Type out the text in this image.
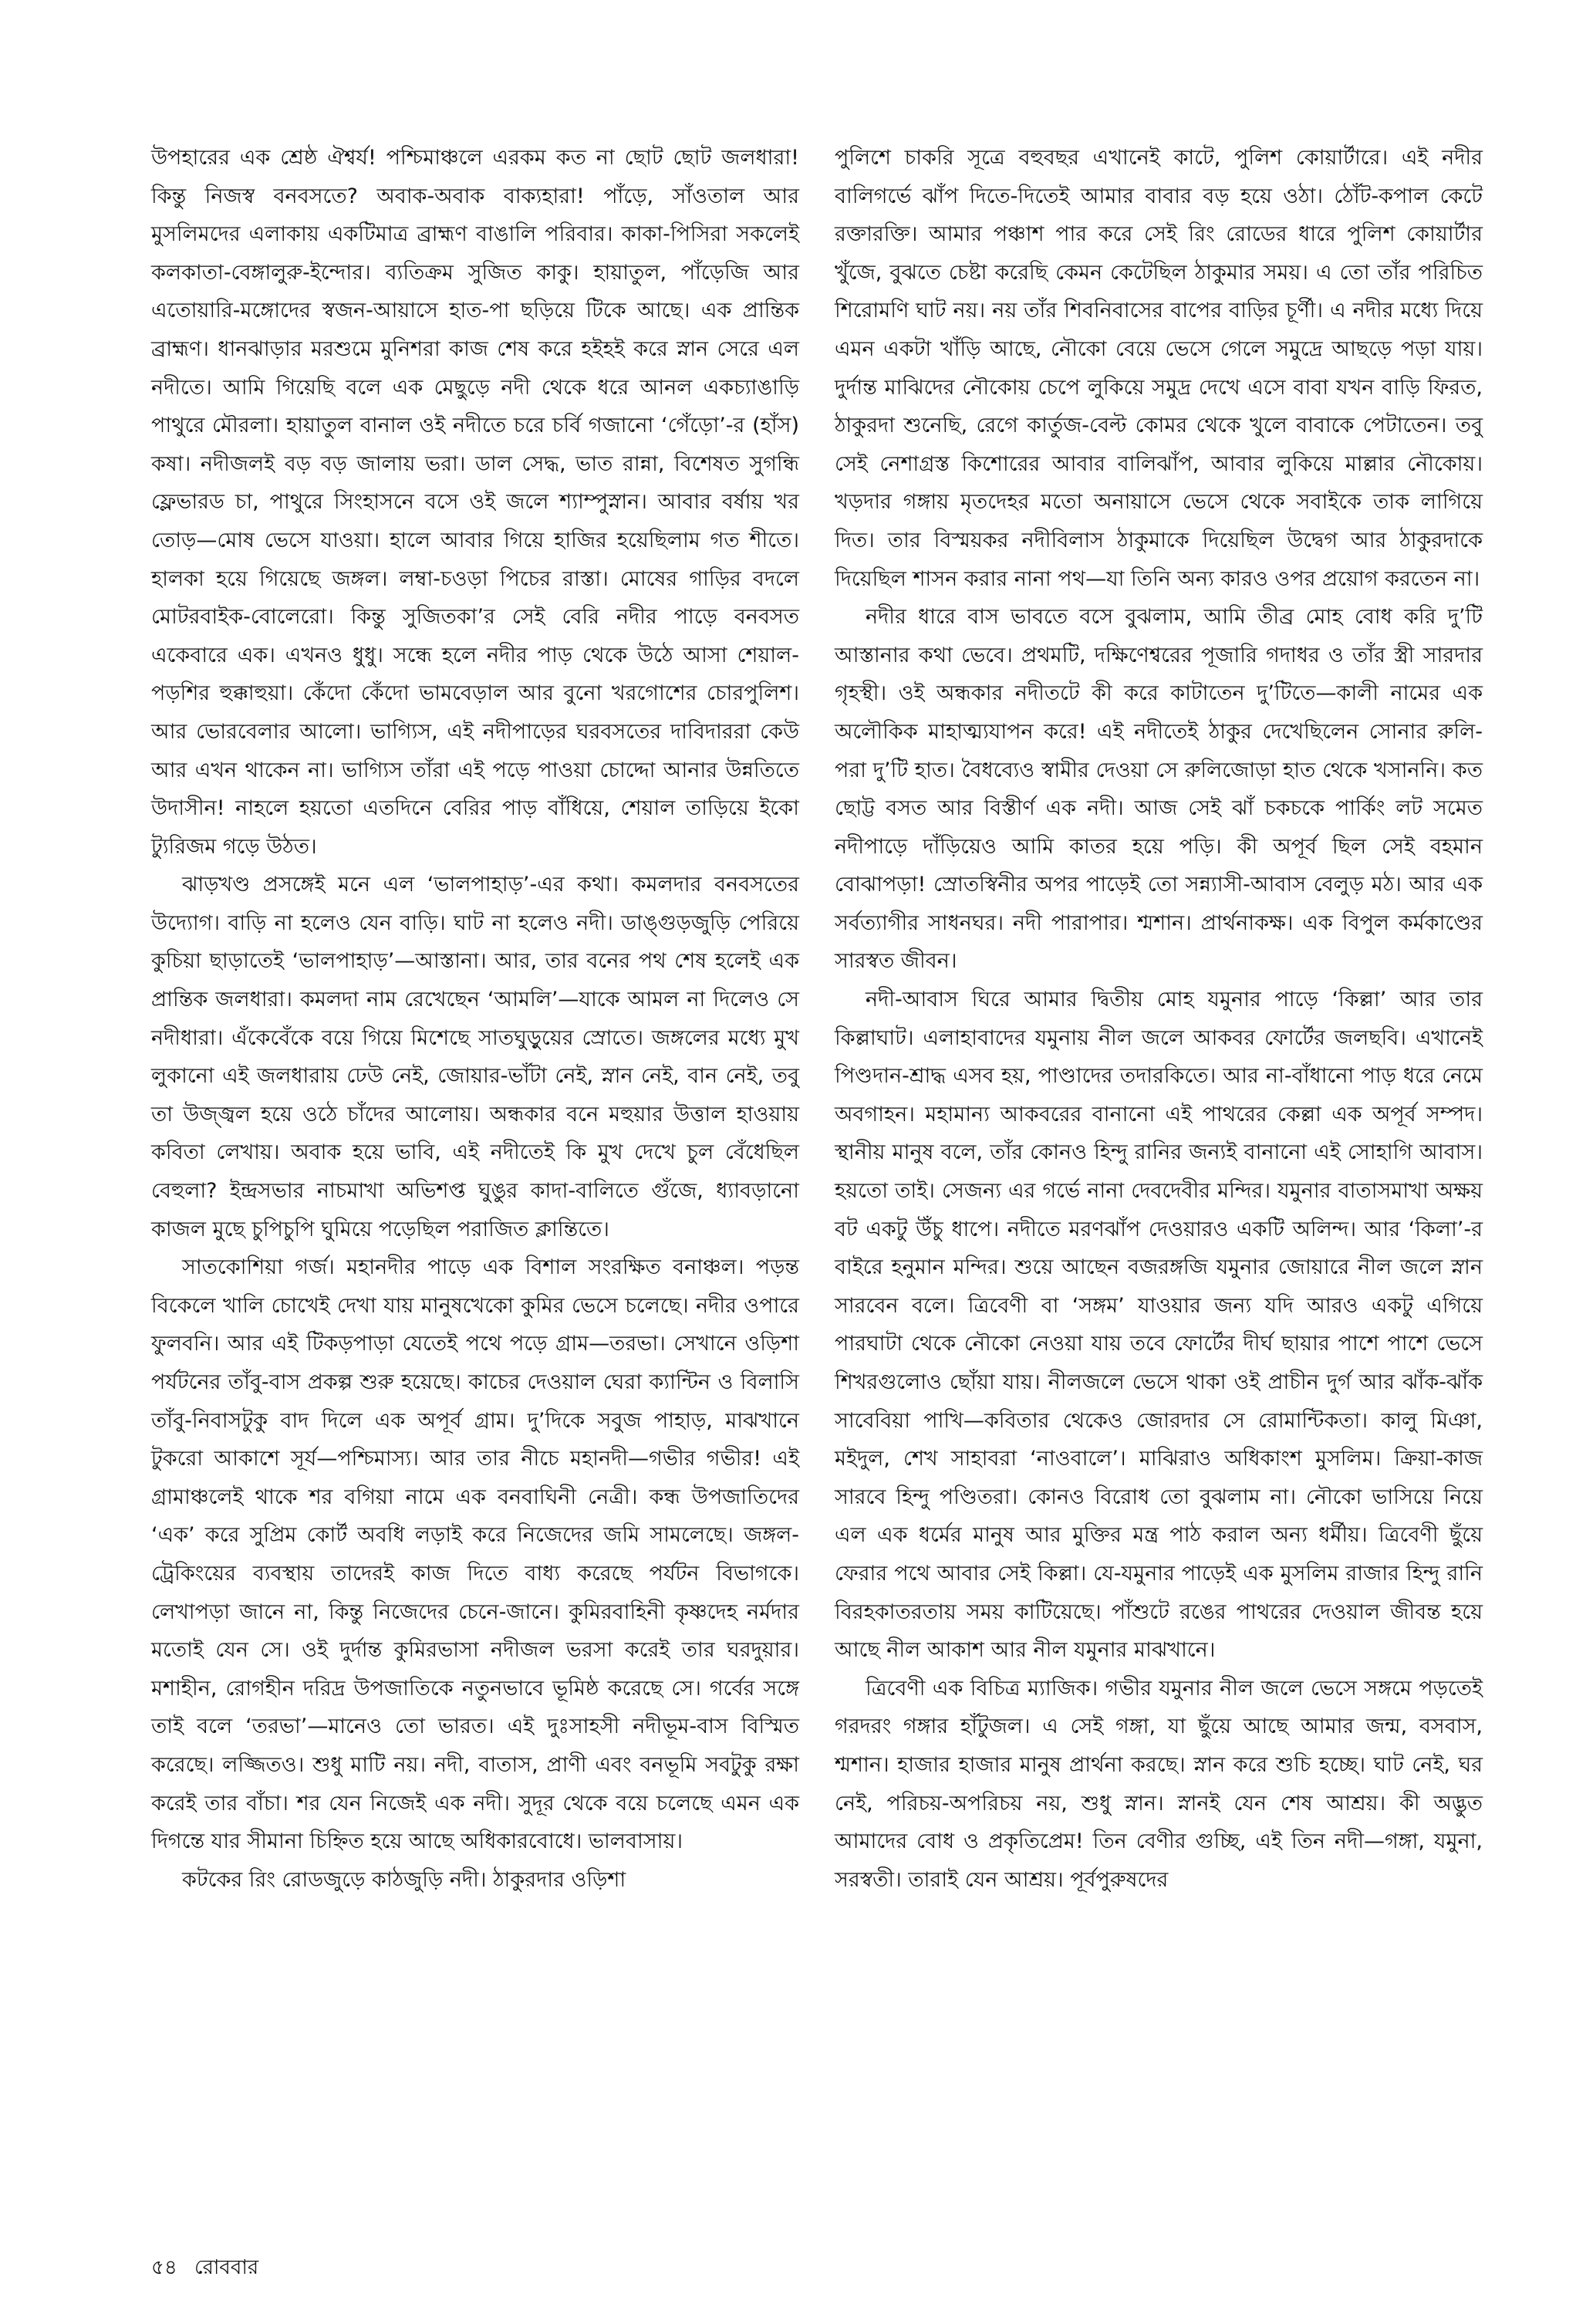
উপহারের এক শ্রেষ্ঠ ঐশ্বর্য! পশ্চিমাঞ্চলে এরকম কত না ছোট ছোট জলধারা! কিন্তু নিজস্ব বনবসতে? অবাক-অবাক বাক্যহারা! পাঁড়ে, সাঁওতাল আর মুসলিমদের এলাকায় একটিমাত্র ব্রাহ্মণ বাঙালি পরিবার। কাকা-পিসিরা সকলেই কলকাতা-বেঙ্গালুরু-ইন্দোর। ব্যতিক্রম সুজিত কাকু। হায়াতুল, পাঁড়েজি আর এতোয়ারি-মঙ্গোদের স্বজন-আয়াসে হাত-পা ছড়িয়ে টিকে আছে। এক প্রান্তিক ব্রাহ্মণ। ধানঝাড়ার মরশুমে মুনিশরা কাজ শেষ করে হইহই করে স্নান সেরে এল নদীতে। আমি গিয়েছি বলে এক মেছুড়ে নদী থেকে ধরে আনল একচ্যাঙাড়ি পাথুরে মৌরলা। হায়াতুল বানাল ওই নদীতে চরে চর্বি গজানো ‘গেঁড়ো’-র (হাঁস) কষা। নদীজলই বড় বড় জালায় ভরা। ডাল সেদ্ধ, ভাত রান্না, বিশেষত সুগন্ধি ফ্লেভারড চা, পাথুরে সিংহাসনে বসে ওই জলে শ্যাম্পুস্নান। আবার বর্ষায় খর তোড়—মোষ ভেসে যাওয়া। হালে আবার গিয়ে হাজির হয়েছিলাম গত শীতে। হালকা হয়ে গিয়েছে জঙ্গল। লম্বা-চওড়া পিচের রাস্তা। মোষের গাড়ির বদলে মোটরবাইক-বোলেরো। কিন্তু সুজিতকা’র সেই বেরি নদীর পাড়ে বনবসত একেবারে এক। এখনও ধুধু। সন্ধে হলে নদীর পাড় থেকে উঠে আসা শেয়াল-পড়শির হুক্কাহুয়া। কেঁদো কেঁদো ভামবেড়াল আর বুনো খরগোশের চোরপুলিশ। আর ভোরবেলার আলো। ভাগ্যিস, এই নদীপাড়ের ঘরবসতের দাবিদাররা কেউ আর এখন থাকেন না। ভাগ্যিস তাঁরা এই পড়ে পাওয়া চোদ্দো আনার উন্নতিতে উদাসীন! নাহলে হয়তো এতদিনে বেরির পাড় বাঁধিয়ে, শেয়াল তাড়িয়ে ইকো ট্যুরিজম গড়ে উঠত।

ঝাড়খণ্ড প্রসঙ্গেই মনে এল ‘ভালপাহাড়’-এর কথা। কমলদার বনবসতের উদ্যোগ। বাড়ি না হলেও যেন বাড়ি। ঘাট না হলেও নদী। ডাঙ্গুড়জুড়ি পেরিয়ে কুচিয়া ছাড়াতেই ‘ভালপাহাড়’—আস্তানা। আর, তার বনের পথ শেষ হলেই এক প্রান্তিক জলধারা। কমলদা নাম রেখেছেন ‘আমলি’—যাকে আমল না দিলেও সে নদীধারা। এঁকেবেঁকে বয়ে গিয়ে মিশেছে সাতঘুড়ুয়ের স্রোতে। জঙ্গলের মধ্যে মুখ লুকানো এই জলধারায় ঢেউ নেই, জোয়ার-ভাঁটা নেই, স্নান নেই, বান নেই, তবু তা উজ্জ্বল হয়ে ওঠে চাঁদের আলোয়। অন্ধকার বনে মহুয়ার উত্তাল হাওয়ায় কবিতা লেখায়। অবাক হয়ে ভাবি, এই নদীতেই কি মুখ দেখে চুল বেঁধেছিল বেহুলা? ইন্দ্রসভার নাচমাখা অভিশপ্ত ঘুঙুর কাদা-বালিতে গুঁজে, ধ্যাবড়ানো কাজল মুছে চুপিচুপি ঘুমিয়ে পড়েছিল পরাজিত ক্লান্তিতে।

সাতকোশিয়া গর্জ। মহানদীর পাড়ে এক বিশাল সংরক্ষিত বনাঞ্চল। পড়ন্ত বিকেলে খালি চোখেই দেখা যায় মানুষখেকো কুমির ভেসে চলেছে। নদীর ওপারে ফুলবনি। আর এই টিকড়পাড়া যেতেই পথে পড়ে গ্রাম—তরভা। সেখানে ওড়িশা পর্যটনের তাঁবু-বাস প্রকল্প শুরু হয়েছে। কাচের দেওয়াল ঘেরা ক্যান্টিন ও বিলাসি তাঁবু-নিবাসটুকু বাদ দিলে এক অপূর্ব গ্রাম। দু’দিকে সবুজ পাহাড়, মাঝখানে টুকরো আকাশে সূর্য—পশ্চিমাস্য। আর তার নীচে মহানদী—গভীর গভীর! এই গ্রামাঞ্চলেই থাকে শর বগিয়া নামে এক বনবাঘিনী নেত্রী। কন্ধ উপজাতিদের ‘এক’ করে সুপ্রিম কোর্ট অবধি লড়াই করে নিজেদের জমি সামলেছে। জঙ্গল-ট্রেকিংয়ের ব্যবস্থায় তাদেরই কাজ দিতে বাধ্য করেছে পর্যটন বিভাগকে। লেখাপড়া জানে না, কিন্তু নিজেদের চেনে-জানে। কুমিরবাহিনী কৃষ্ণদেহ নর্মদার মতোই যেন সে। ওই দুর্দান্ত কুমিরভাসা নদীজল ভরসা করেই তার ঘরদুয়ার। মশাহীন, রোগহীন দরিদ্র উপজাতিকে নতুনভাবে ভূমিষ্ঠ করেছে সে। গর্বের সঙ্গে তাই বলে ‘তরভা’—মানেও তো ভারত। এই দুঃসাহসী নদীভূম-বাস বিস্মিত করেছে। লজ্জিতও। শুধু মাটি নয়। নদী, বাতাস, প্রাণী এবং বনভূমি সবটুকু রক্ষা করেই তার বাঁচা। শর যেন নিজেই এক নদী। সুদূর থেকে বয়ে চলেছে এমন এক দিগন্তে যার সীমানা চিহ্নিত হয়ে আছে অধিকারবোধে। ভালবাসায়।

কটকের রিং রোডজুড়ে কাঠজুড়ি নদী। ঠাকুরদার ওড়িশা

পুলিশে চাকরি সূত্রে বহুবছর এখানেই কাটে, পুলিশ কোয়ার্টারে। এই নদীর বালিগর্ভে ঝাঁপ দিতে-দিতেই আমার বাবার বড় হয়ে ওঠা। ঠোঁট-কপাল কেটে রক্তারক্তি। আমার পঞ্চাশ পার করে সেই রিং রোডের ধারে পুলিশ কোয়ার্টার খুঁজে, বুঝতে চেষ্টা করেছি কেমন কেটেছিল ঠাকুমার সময়। এ তো তাঁর পরিচিত শিরোমণি ঘাট নয়। নয় তাঁর শিবনিবাসের বাপের বাড়ির চূর্ণী। এ নদীর মধ্যে দিয়ে এমন একটা খাঁড়ি আছে, নৌকো বেয়ে ভেসে গেলে সমুদ্রে আছড়ে পড়া যায়। দুর্দান্ত মাঝিদের নৌকোয় চেপে লুকিয়ে সমুদ্র দেখে এসে বাবা যখন বাড়ি ফিরত, ঠাকুরদা শুনেছি, রেগে কার্তুজ-বেল্ট কোমর থেকে খুলে বাবাকে পেটাতেন। তবু সেই নেশাগ্রস্ত কিশোরের আবার বালিঝাঁপ, আবার লুকিয়ে মাল্লার নৌকোয়। খড়দার গঙ্গায় মৃতদেহর মতো অনায়াসে ভেসে থেকে সবাইকে তাক লাগিয়ে দিত। তার বিস্ময়কর নদীবিলাস ঠাকুমাকে দিয়েছিল উদ্বেগ আর ঠাকুরদাকে দিয়েছিল শাসন করার নানা পথ—যা তিনি অন্য কারও ওপর প্রয়োগ করতেন না।

নদীর ধারে বাস ভাবতে বসে বুঝলাম, আমি তীব্র মোহ বোধ করি দু’টি আস্তানার কথা ভেবে। প্রথমটি, দক্ষিণেশ্বরের পূজারি গদাধর ও তাঁর স্ত্রী সারদার গৃহস্থী। ওই অন্ধকার নদীতটে কী করে কাটাতেন দু’টিতে—কালী নামের এক অলৌকিক মাহাত্ম্যযাপন করে! এই নদীতেই ঠাকুর দেখেছিলেন সোনার রুলি-পরা দু’টি হাত। বৈধব্যেও স্বামীর দেওয়া সে রুলিজোড়া হাত থেকে খসাননি। কত ছোট্ট বসত আর বিস্তীর্ণ এক নদী। আজ সেই ঝাঁ চকচকে পার্কিং লট সমেত নদীপাড়ে দাঁড়িয়েও আমি কাতর হয়ে পড়ি। কী অপূর্ব ছিল সেই বহমান বোঝাপড়া! স্রোতস্বিনীর অপর পাড়েই তো সন্ন্যাসী-আবাস বেলুড় মঠ। আর এক সর্বত্যাগীর সাধনঘর। নদী পারাপার। শ্মশান। প্রার্থনাকক্ষ। এক বিপুল কর্মকাণ্ডের সারস্বত জীবন।

নদী-আবাস ঘিরে আমার দ্বিতীয় মোহ যমুনার পাড়ে ‘কিল্লা’ আর তার কিল্লাঘাট। এলাহাবাদের যমুনায় নীল জলে আকবর ফোর্টের জলছবি। এখানেই পিণ্ডদান-শ্রাদ্ধ এসব হয়, পাণ্ডাদের তদারকিতে। আর না-বাঁধানো পাড় ধরে নেমে অবগাহন। মহামান্য আকবরের বানানো এই পাথরের কেল্লা এক অপূর্ব সম্পদ। স্থানীয় মানুষ বলে, তাঁর কোনও হিন্দু রানির জন্যই বানানো এই সোহাগি আবাস। হয়তো তাই। সেজন্য এর গর্ভে নানা দেবদেবীর মন্দির। যমুনার বাতাসমাখা অক্ষয় বট একটু উঁচু ধাপে। নদীতে মরণঝাঁপ দেওয়ারও একটি অলিন্দ। আর ‘কিলা’-র বাইরে হনুমান মন্দির। শুয়ে আছেন বজরঙ্গজি যমুনার জোয়ারে নীল জলে স্নান সারবেন বলে। ত্রিবেণী বা ‘সঙ্গম’ যাওয়ার জন্য যদি আরও একটু এগিয়ে পারঘাটা থেকে নৌকো নেওয়া যায় তবে ফোর্টের দীর্ঘ ছায়ার পাশে পাশে ভেসে শিখরগুলোও ছোঁয়া যায়। নীলজলে ভেসে থাকা ওই প্রাচীন দুর্গ আর ঝাঁক-ঝাঁক সাবেবিয়া পাখি—কবিতার থেকেও জোরদার সে রোমান্টিকতা। কালু মিঞা, মইদুল, শেখ সাহাবরা ‘নাওবালে’। মাঝিরাও অধিকাংশ মুসলিম। ক্রিয়া-কাজ সারবে হিন্দু পণ্ডিতরা। কোনও বিরোধ তো বুঝলাম না। নৌকো ভাসিয়ে নিয়ে এল এক ধর্মের মানুষ আর মুক্তির মন্ত্র পাঠ করাল অন্য ধর্মীয়। ত্রিবেণী ছুঁয়ে ফেরার পথে আবার সেই কিল্লা। যে-যমুনার পাড়েই এক মুসলিম রাজার হিন্দু রানি বিরহকাতরতায় সময় কাটিয়েছে। পাঁশুটে রঙের পাথরের দেওয়াল জীবন্ত হয়ে আছে নীল আকাশ আর নীল যমুনার মাঝখানে।

ত্রিবেণী এক বিচিত্র ম্যাজিক। গভীর যমুনার নীল জলে ভেসে সঙ্গমে পড়তেই গরদরং গঙ্গার হাঁটুজল। এ সেই গঙ্গা, যা ছুঁয়ে আছে আমার জন্ম, বসবাস, শ্মশান। হাজার হাজার মানুষ প্রার্থনা করছে। স্নান করে শুচি হচ্ছে। ঘাট নেই, ঘর নেই, পরিচয়-অপরিচয় নয়, শুধু স্নান। স্নানই যেন শেষ আশ্রয়। কী অদ্ভুত আমাদের বোধ ও প্রকৃতিপ্রেম! তিন বেণীর গুচ্ছি, এই তিন নদী—গঙ্গা, যমুনা, সরস্বতী। তারাই যেন আশ্রয়। পূর্বপুরুষদের

৫৪ রোববার
